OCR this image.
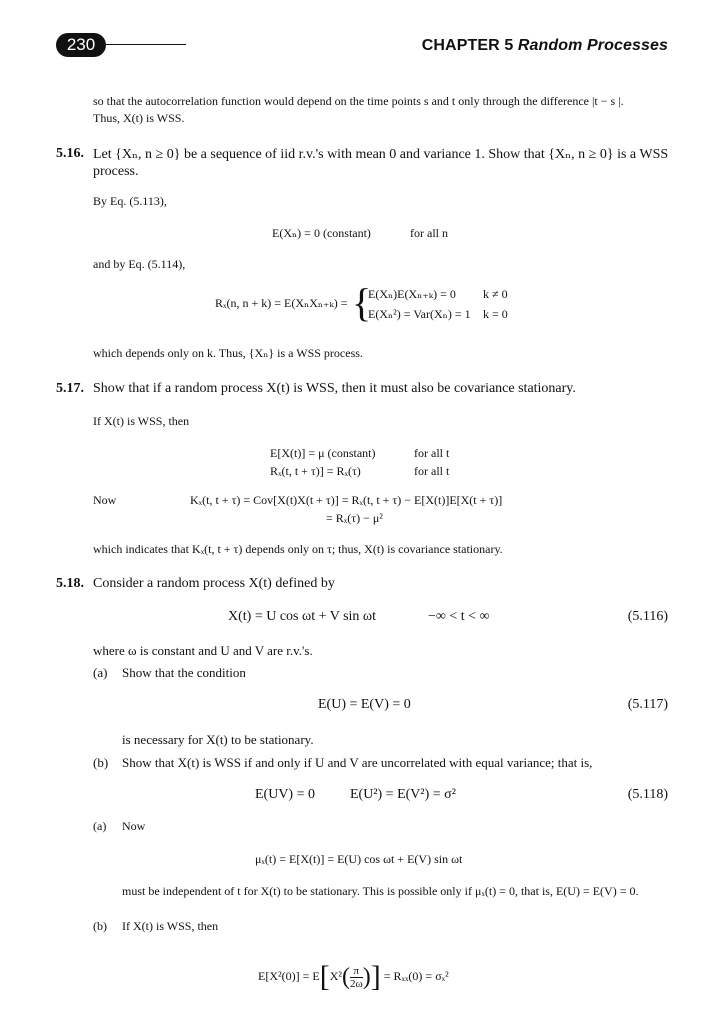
230	CHAPTER 5 Random Processes
so that the autocorrelation function would depend on the time points s and t only through the difference |t − s |.
Thus, X(t) is WSS.
5.16. Let {Xₙ, n ≥ 0} be a sequence of iid r.v.'s with mean 0 and variance 1. Show that {Xₙ, n ≥ 0} is a WSS
process.
By Eq. (5.113),
E(Xₙ) = 0 (constant)	for all n
and by Eq. (5.114),
Rₓ(n, n + k) = E(XₙXₙ₊ₖ) = {
E(Xₙ)E(Xₙ₊ₖ) = 0 k ≠ 0
E(Xₙ²) = Var(Xₙ) = 1 k = 0
which depends only on k. Thus, {Xₙ} is a WSS process.
5.17. Show that if a random process X(t) is WSS, then it must also be covariance stationary.
If X(t) is WSS, then
E[X(t)] = μ (constant)	for all t
Rₓ(t, t + τ)] = Rₓ(τ)	for all t
Now	Kₓ(t, t + τ) = Cov[X(t)X(t + τ)] = Rₓ(t, t + τ) − E[X(t)]E[X(t + τ)]
= Rₓ(τ) − μ²
which indicates that Kₓ(t, t + τ) depends only on τ; thus, X(t) is covariance stationary.
5.18. Consider a random process X(t) defined by
X(t) = U cos ωt + V sin ωt	−∞ < t < ∞	(5.116)
where ω is constant and U and V are r.v.'s.
(a) Show that the condition
E(U) = E(V) = 0	(5.117)
is necessary for X(t) to be stationary.
(b) Show that X(t) is WSS if and only if U and V are uncorrelated with equal variance; that is,
E(UV) = 0	E(U²) = E(V²) = σ²	(5.118)
(a) Now
μₓ(t) = E[X(t)] = E(U) cos ωt + E(V) sin ωt
must be independent of t for X(t) to be stationary. This is possible only if μₓ(t) = 0, that is, E(U) = E(V) = 0.
(b) If X(t) is WSS, then
$E[X^2(0)] = E[X^2( \frac{\pi}{2\omega}$ )] = Rₓₓ(0) = σₓ²
